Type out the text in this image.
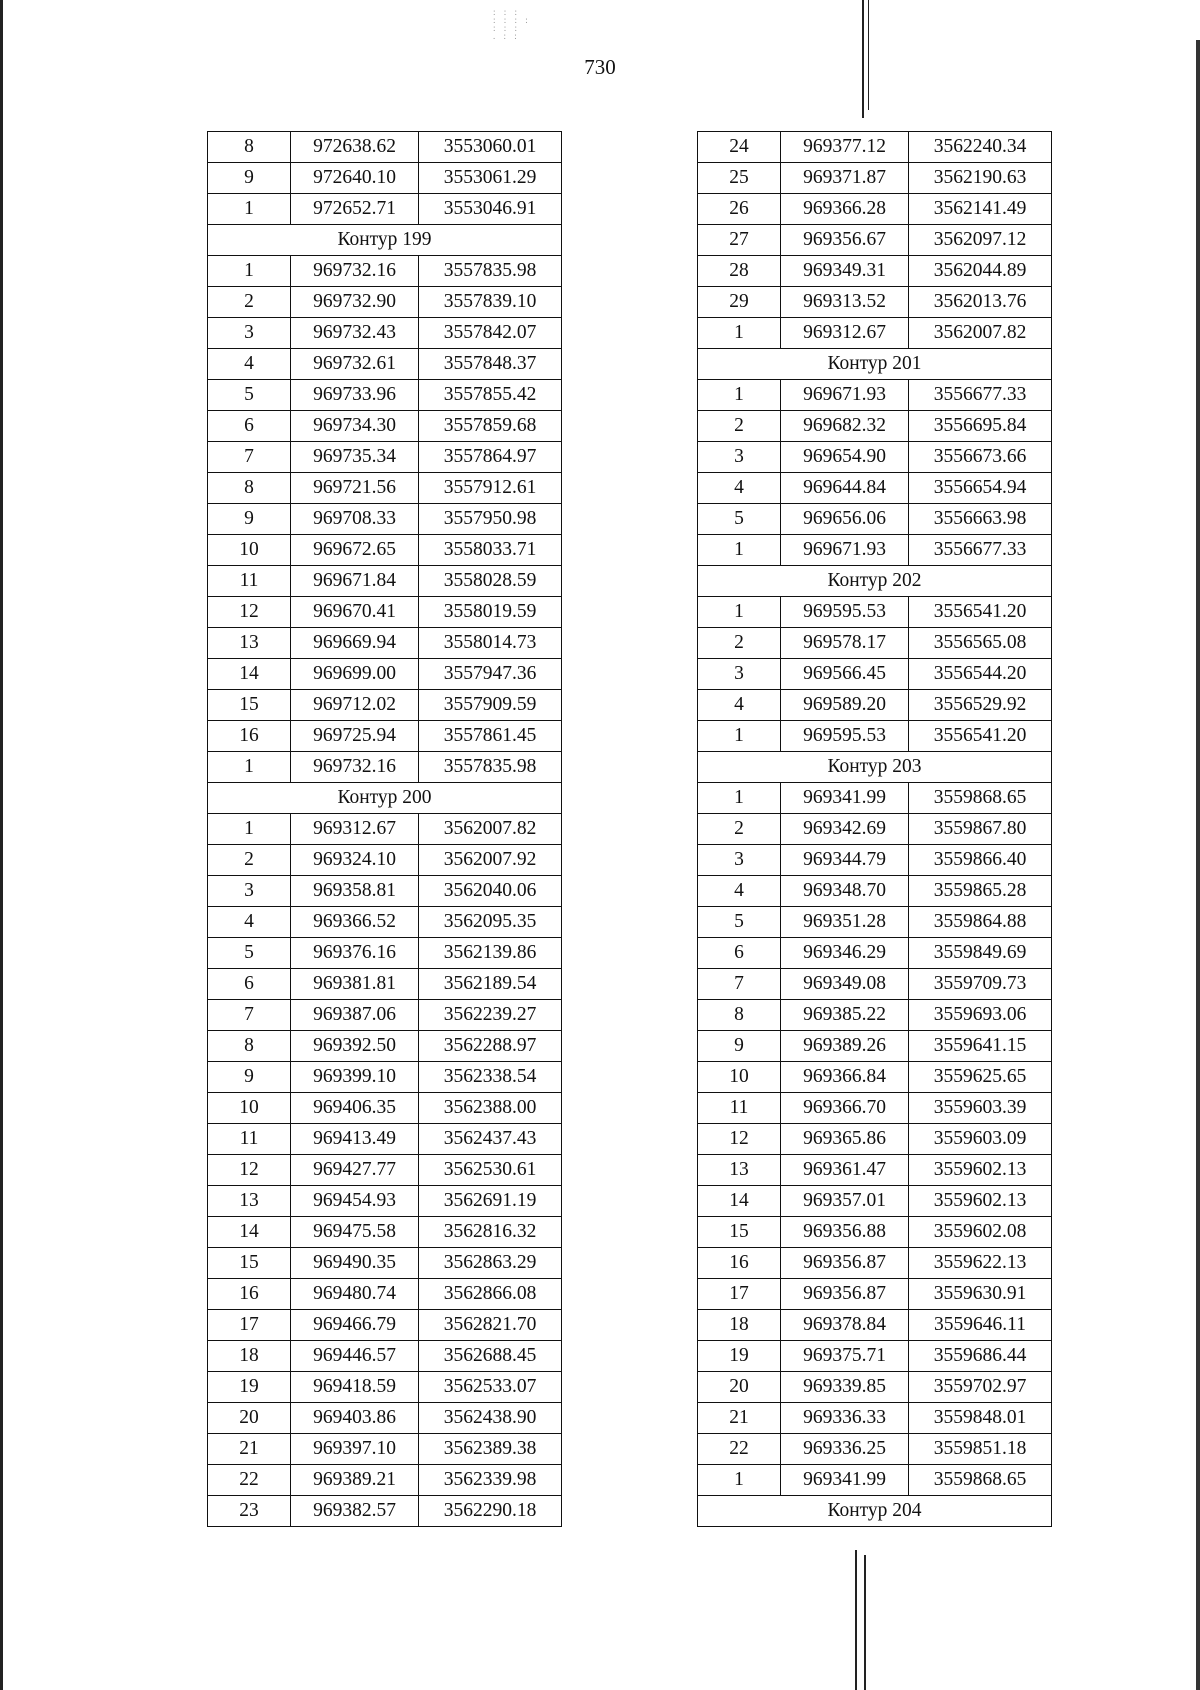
: : :
: : : :
: : :
. : :
730
8	972638.62	3553060.01
9	972640.10	3553061.29
1	972652.71	3553046.91
Контур 199		
1	969732.16	3557835.98
2	969732.90	3557839.10
3	969732.43	3557842.07
4	969732.61	3557848.37
5	969733.96	3557855.42
6	969734.30	3557859.68
7	969735.34	3557864.97
8	969721.56	3557912.61
9	969708.33	3557950.98
10	969672.65	3558033.71
11	969671.84	3558028.59
12	969670.41	3558019.59
13	969669.94	3558014.73
14	969699.00	3557947.36
15	969712.02	3557909.59
16	969725.94	3557861.45
1	969732.16	3557835.98
Контур 200		
1	969312.67	3562007.82
2	969324.10	3562007.92
3	969358.81	3562040.06
4	969366.52	3562095.35
5	969376.16	3562139.86
6	969381.81	3562189.54
7	969387.06	3562239.27
8	969392.50	3562288.97
9	969399.10	3562338.54
10	969406.35	3562388.00
11	969413.49	3562437.43
12	969427.77	3562530.61
13	969454.93	3562691.19
14	969475.58	3562816.32
15	969490.35	3562863.29
16	969480.74	3562866.08
17	969466.79	3562821.70
18	969446.57	3562688.45
19	969418.59	3562533.07
20	969403.86	3562438.90
21	969397.10	3562389.38
22	969389.21	3562339.98
23	969382.57	3562290.18
24	969377.12	3562240.34
25	969371.87	3562190.63
26	969366.28	3562141.49
27	969356.67	3562097.12
28	969349.31	3562044.89
29	969313.52	3562013.76
1	969312.67	3562007.82
Контур 201		
1	969671.93	3556677.33
2	969682.32	3556695.84
3	969654.90	3556673.66
4	969644.84	3556654.94
5	969656.06	3556663.98
1	969671.93	3556677.33
Контур 202		
1	969595.53	3556541.20
2	969578.17	3556565.08
3	969566.45	3556544.20
4	969589.20	3556529.92
1	969595.53	3556541.20
Контур 203		
1	969341.99	3559868.65
2	969342.69	3559867.80
3	969344.79	3559866.40
4	969348.70	3559865.28
5	969351.28	3559864.88
6	969346.29	3559849.69
7	969349.08	3559709.73
8	969385.22	3559693.06
9	969389.26	3559641.15
10	969366.84	3559625.65
11	969366.70	3559603.39
12	969365.86	3559603.09
13	969361.47	3559602.13
14	969357.01	3559602.13
15	969356.88	3559602.08
16	969356.87	3559622.13
17	969356.87	3559630.91
18	969378.84	3559646.11
19	969375.71	3559686.44
20	969339.85	3559702.97
21	969336.33	3559848.01
22	969336.25	3559851.18
1	969341.99	3559868.65
Контур 204		
